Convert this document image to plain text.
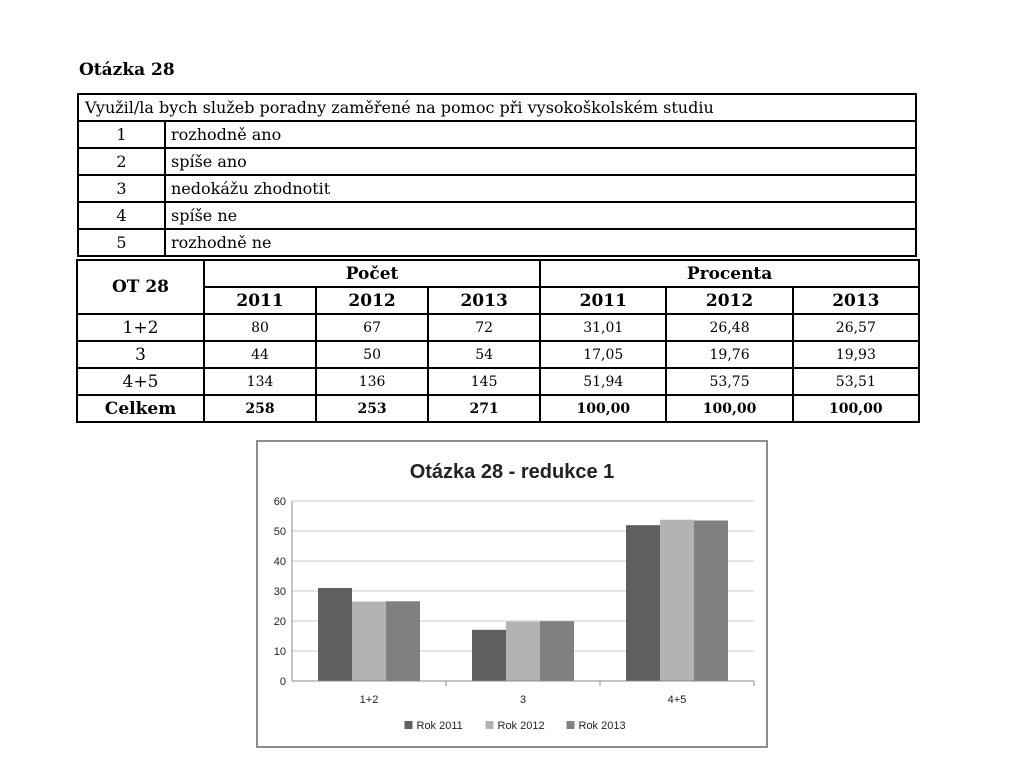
Otázka 28
Využil/la bych služeb poradny zaměřené na pomoc při vysokoškolském studiu	
1	rozhodně ano
2	spíše ano
3	nedokážu zhodnotit
4	spíše ne
5	rozhodně ne
OT 28	Počet			Procenta		
	2011	2012	2013	2011	2012	2013
1+2	80	67	72	31,01	26,48	26,57
3	44	50	54	17,05	19,76	19,93
4+5	134	136	145	51,94	53,75	53,51
Celkem	258	253	271	100,00	100,00	100,00
Otázka 28 - redukce 1
0
10
20
30
40
50
60
1+2	3	4+5
Rok 2011	Rok 2012	Rok 2013
